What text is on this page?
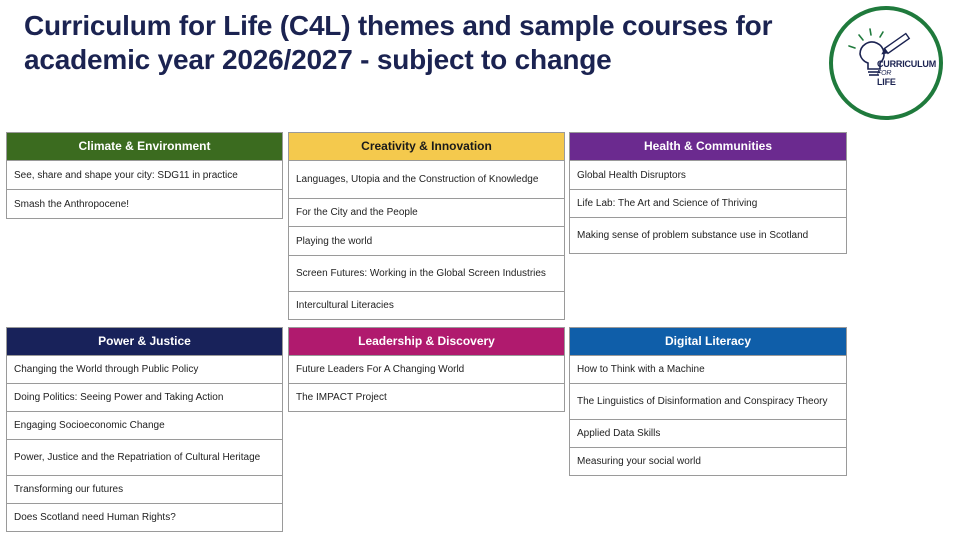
Curriculum for Life (C4L) themes and sample courses for academic year 2026/2027 - subject to change	CURRICULUM
FOR
LIFE
Climate & Environment
See, share and shape your city: SDG11 in practice
Smash the Anthropocene!
Creativity & Innovation
Languages, Utopia and the Construction of Knowledge
For the City and the People
Playing the world
Screen Futures: Working in the Global Screen Industries
Intercultural Literacies
Health & Communities
Global Health Disruptors
Life Lab: The Art and Science of Thriving
Making sense of problem substance use in Scotland
Power & Justice
Changing the World through Public Policy
Doing Politics: Seeing Power and Taking Action
Engaging Socioeconomic Change
Power, Justice and the Repatriation of Cultural Heritage
Transforming our futures
Does Scotland need Human Rights?
Leadership & Discovery
Future Leaders For A Changing World
The IMPACT Project
Digital Literacy
How to Think with a Machine
The Linguistics of Disinformation and Conspiracy Theory
Applied Data Skills
Measuring your social world
